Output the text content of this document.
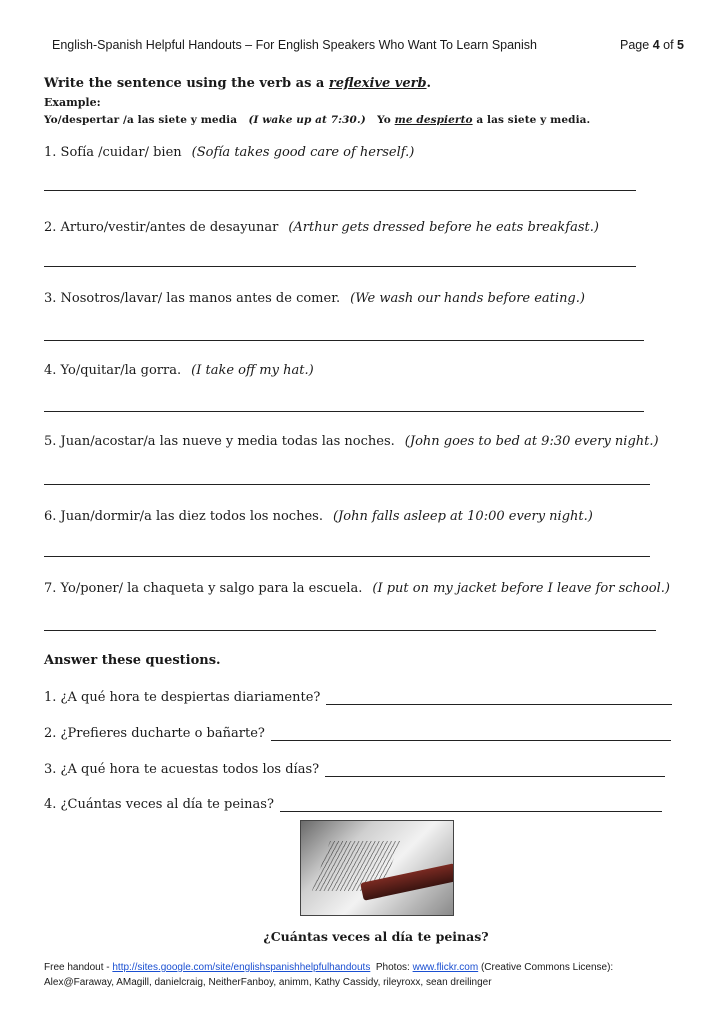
English-Spanish Helpful Handouts – For English Speakers Who Want To Learn Spanish	Page 4 of 5
Write the sentence using the verb as a reflexive verb.
Example:
Yo/despertar /a las siete y media (I wake up at 7:30.) Yo me despierto a las siete y media.
1. Sofía /cuidar/ bien (Sofía takes good care of herself.)
2. Arturo/vestir/antes de desayunar (Arthur gets dressed before he eats breakfast.)
3. Nosotros/lavar/ las manos antes de comer. (We wash our hands before eating.)
4. Yo/quitar/la gorra. (I take off my hat.)
5. Juan/acostar/a las nueve y media todas las noches. (John goes to bed at 9:30 every night.)
6. Juan/dormir/a las diez todos los noches. (John falls asleep at 10:00 every night.)
7. Yo/poner/ la chaqueta y salgo para la escuela. (I put on my jacket before I leave for school.)
Answer these questions.
1. ¿A qué hora te despiertas diariamente?
2. ¿Prefieres ducharte o bañarte?
3. ¿A qué hora te acuestas todos los días?
4. ¿Cuántas veces al día te peinas?
¿Cuántas veces al día te peinas?
Free handout - http://sites.google.com/site/englishspanishhelpfulhandouts Photos: www.flickr.com (Creative Commons License):
Alex@Faraway, AMagill, danielcraig, NeitherFanboy, animm, Kathy Cassidy, rileyroxx, sean dreilinger
